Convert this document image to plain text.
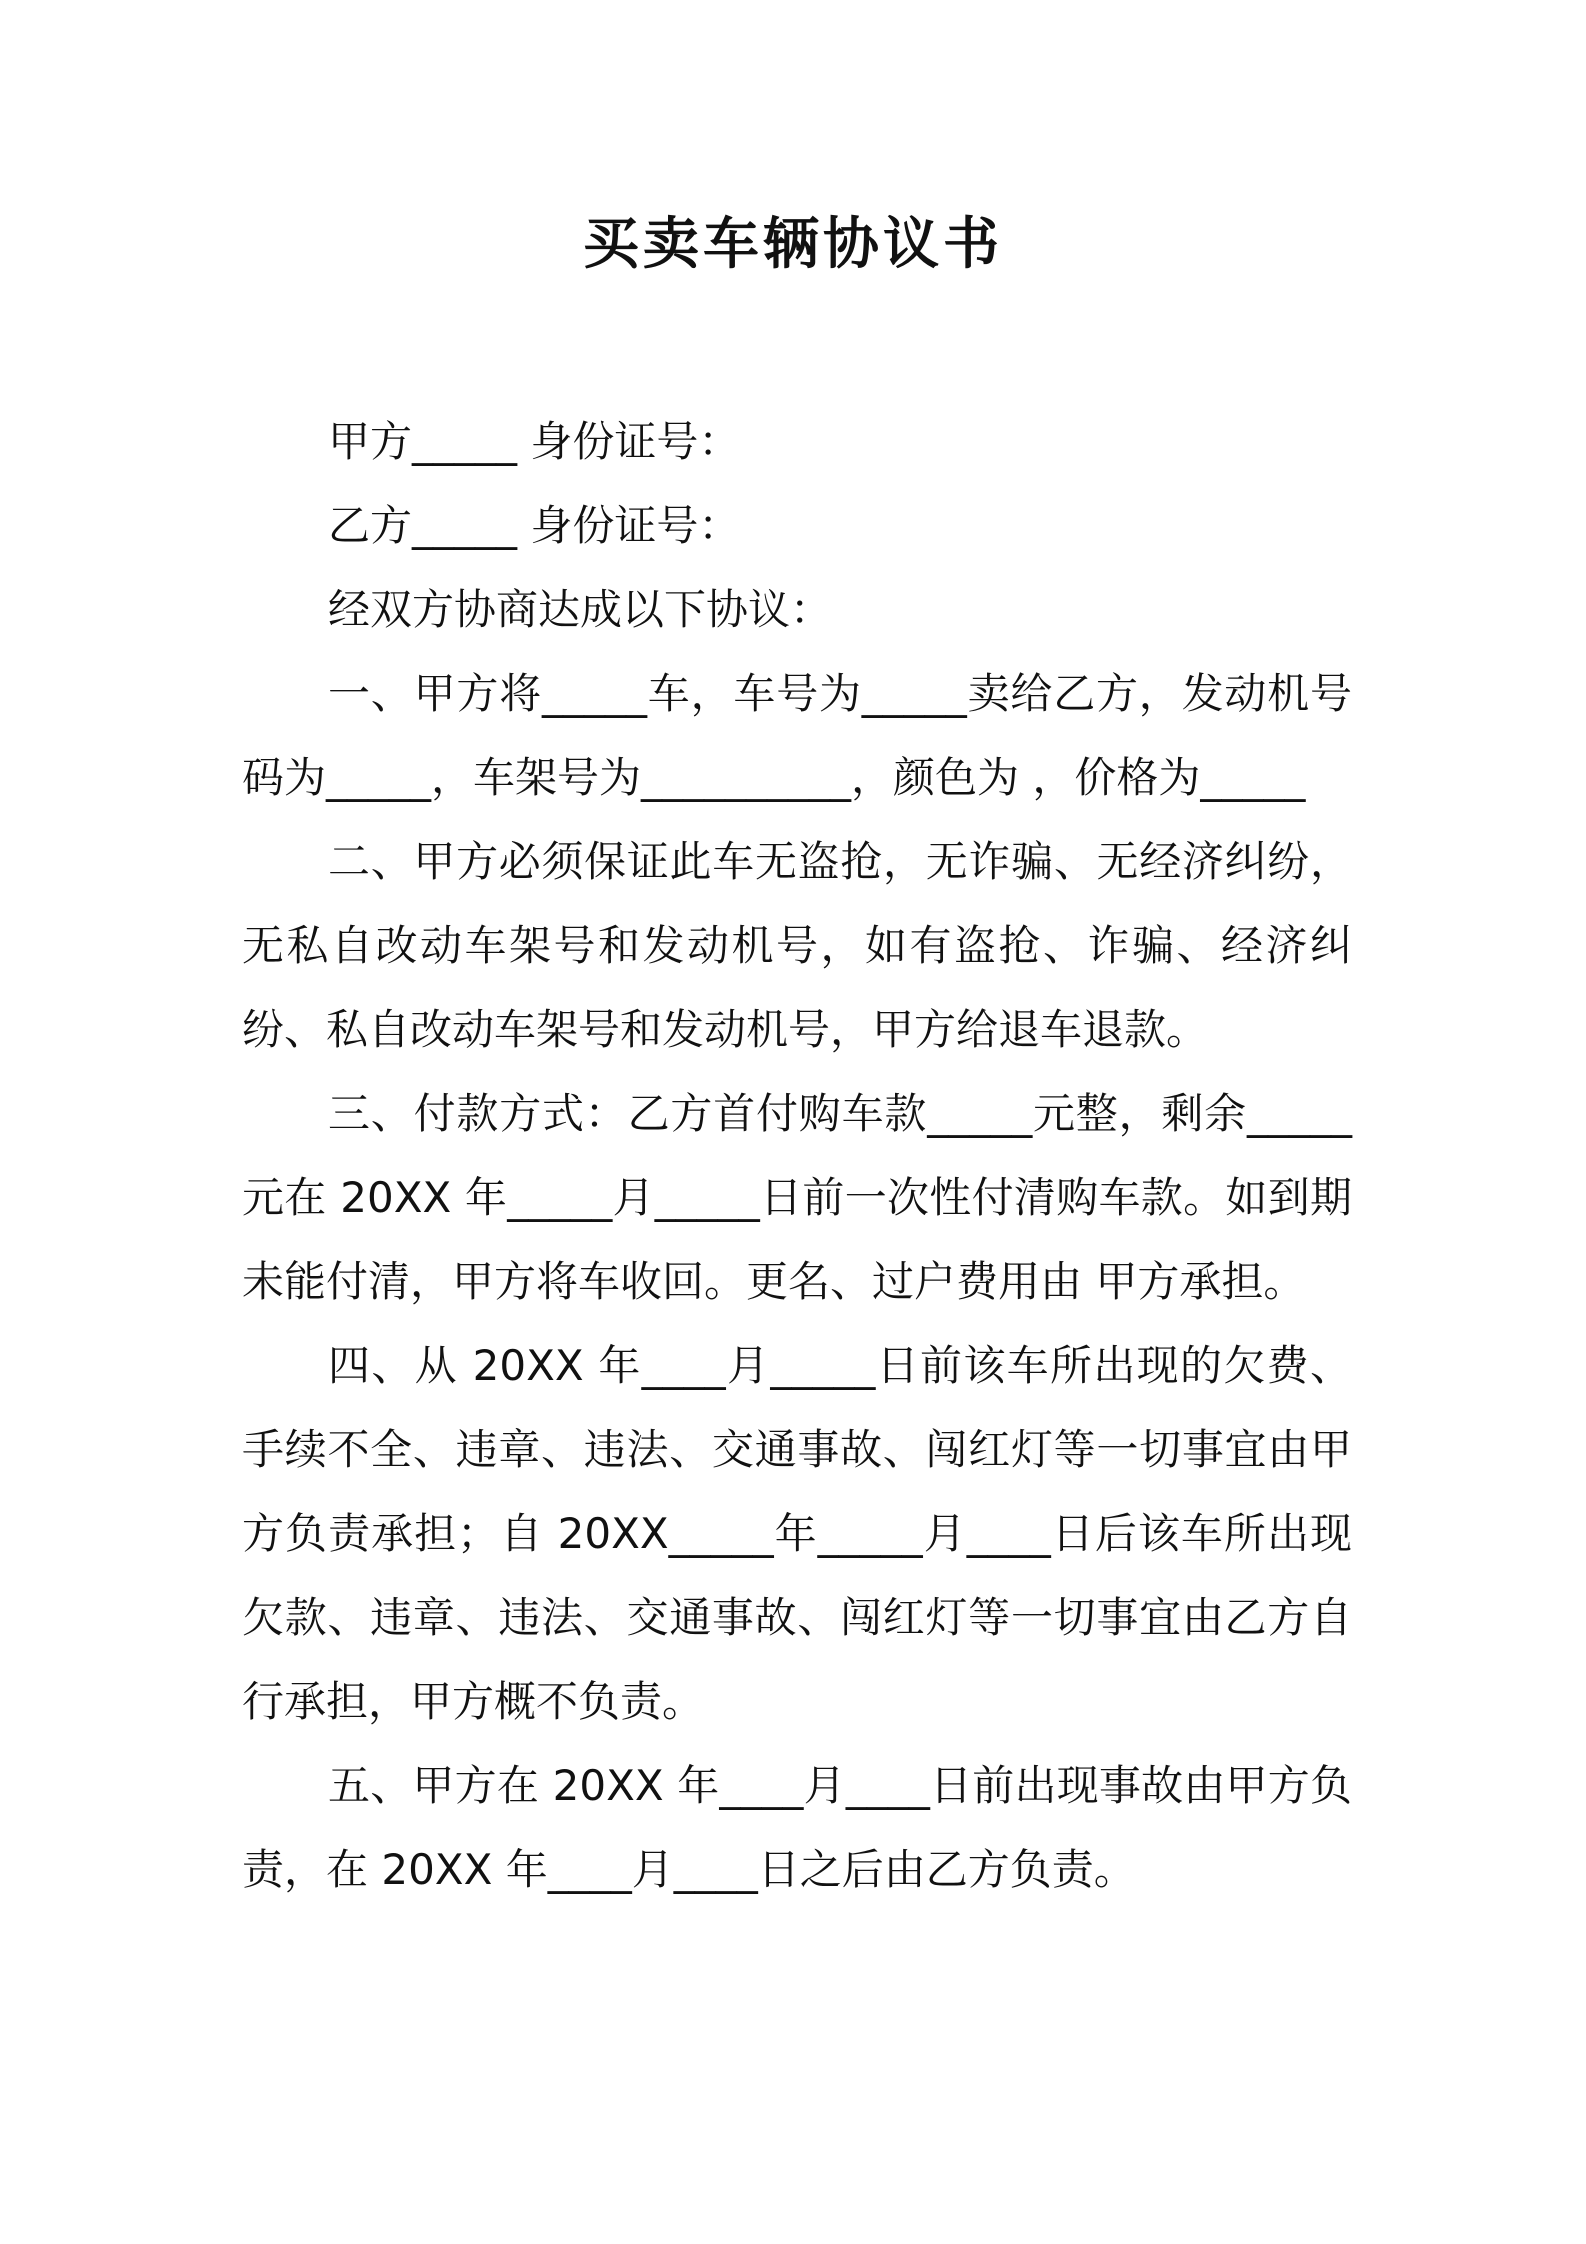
买卖车辆协议书

甲方_____ 身份证号：

乙方_____ 身份证号：

经双方协商达成以下协议：

一、甲方将_____车，车号为_____卖给乙方，发动机号码为_____，车架号为__________，颜色为 ，价格为_____

二、甲方必须保证此车无盗抢，无诈骗、无经济纠纷，无私自改动车架号和发动机号，如有盗抢、诈骗、经济纠纷、私自改动车架号和发动机号，甲方给退车退款。

三、付款方式：乙方首付购车款_____元整，剩余_____元在 20XX 年_____月_____日前一次性付清购车款。如到期未能付清，甲方将车收回。更名、过户费用由 甲方承担。

四、从 20XX 年____月_____日前该车所出现的欠费、手续不全、违章、违法、交通事故、闯红灯等一切事宜由甲方负责承担；自 20XX_____年_____月____日后该车所出现欠款、违章、违法、交通事故、闯红灯等一切事宜由乙方自行承担，甲方概不负责。

五、甲方在 20XX 年____月____日前出现事故由甲方负责，在 20XX 年____月____日之后由乙方负责。
